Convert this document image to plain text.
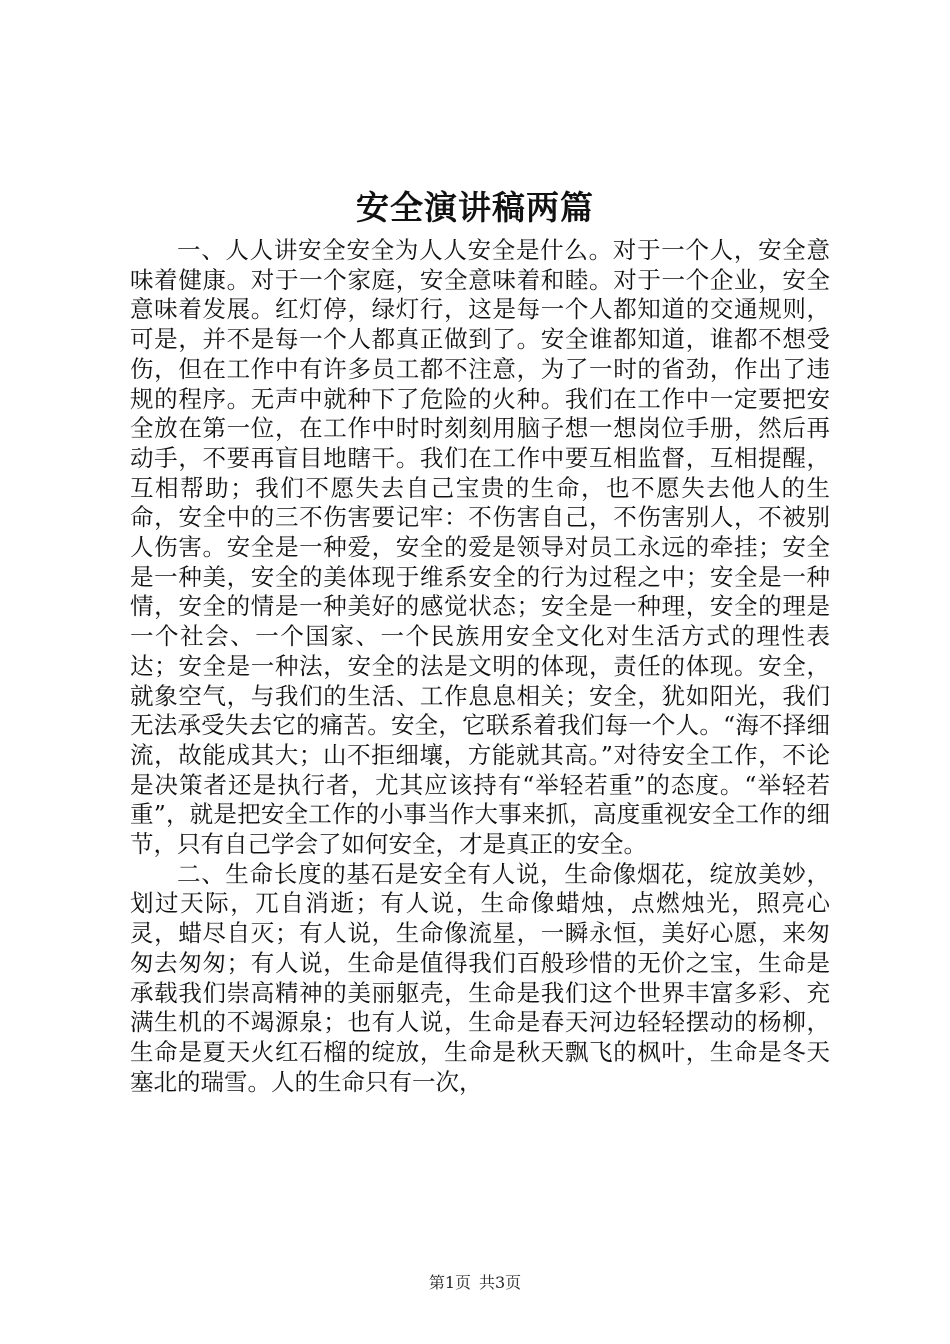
安全演讲稿两篇

一、人人讲安全安全为人人安全是什么。对于一个人，安全意味着健康。对于一个家庭，安全意味着和睦。对于一个企业，安全意味着发展。红灯停，绿灯行，这是每一个人都知道的交通规则，可是，并不是每一个人都真正做到了。安全谁都知道，谁都不想受伤，但在工作中有许多员工都不注意，为了一时的省劲，作出了违规的程序。无声中就种下了危险的火种。我们在工作中一定要把安全放在第一位，在工作中时时刻刻用脑子想一想岗位手册，然后再动手，不要再盲目地瞎干。我们在工作中要互相监督，互相提醒，互相帮助；我们不愿失去自己宝贵的生命，也不愿失去他人的生命，安全中的三不伤害要记牢：不伤害自己，不伤害别人，不被别人伤害。安全是一种爱，安全的爱是领导对员工永远的牵挂；安全是一种美，安全的美体现于维系安全的行为过程之中；安全是一种情，安全的情是一种美好的感觉状态；安全是一种理，安全的理是一个社会、一个国家、一个民族用安全文化对生活方式的理性表达；安全是一种法，安全的法是文明的体现，责任的体现。安全，就象空气，与我们的生活、工作息息相关；安全，犹如阳光，我们无法承受失去它的痛苦。安全，它联系着我们每一个人。“海不择细流，故能成其大；山不拒细壤，方能就其高。”对待安全工作，不论是决策者还是执行者，尤其应该持有“举轻若重”的态度。“举轻若重”，就是把安全工作的小事当作大事来抓，高度重视安全工作的细节，只有自己学会了如何安全，才是真正的安全。

二、生命长度的基石是安全有人说，生命像烟花，绽放美妙，划过天际，兀自消逝；有人说，生命像蜡烛，点燃烛光，照亮心灵，蜡尽自灭；有人说，生命像流星，一瞬永恒，美好心愿，来匆匆去匆匆；有人说，生命是值得我们百般珍惜的无价之宝，生命是承载我们崇高精神的美丽躯壳，生命是我们这个世界丰富多彩、充满生机的不竭源泉；也有人说，生命是春天河边轻轻摆动的杨柳，生命是夏天火红石榴的绽放，生命是秋天飘飞的枫叶，生命是冬天塞北的瑞雪。人的生命只有一次，

第1页 共3页
